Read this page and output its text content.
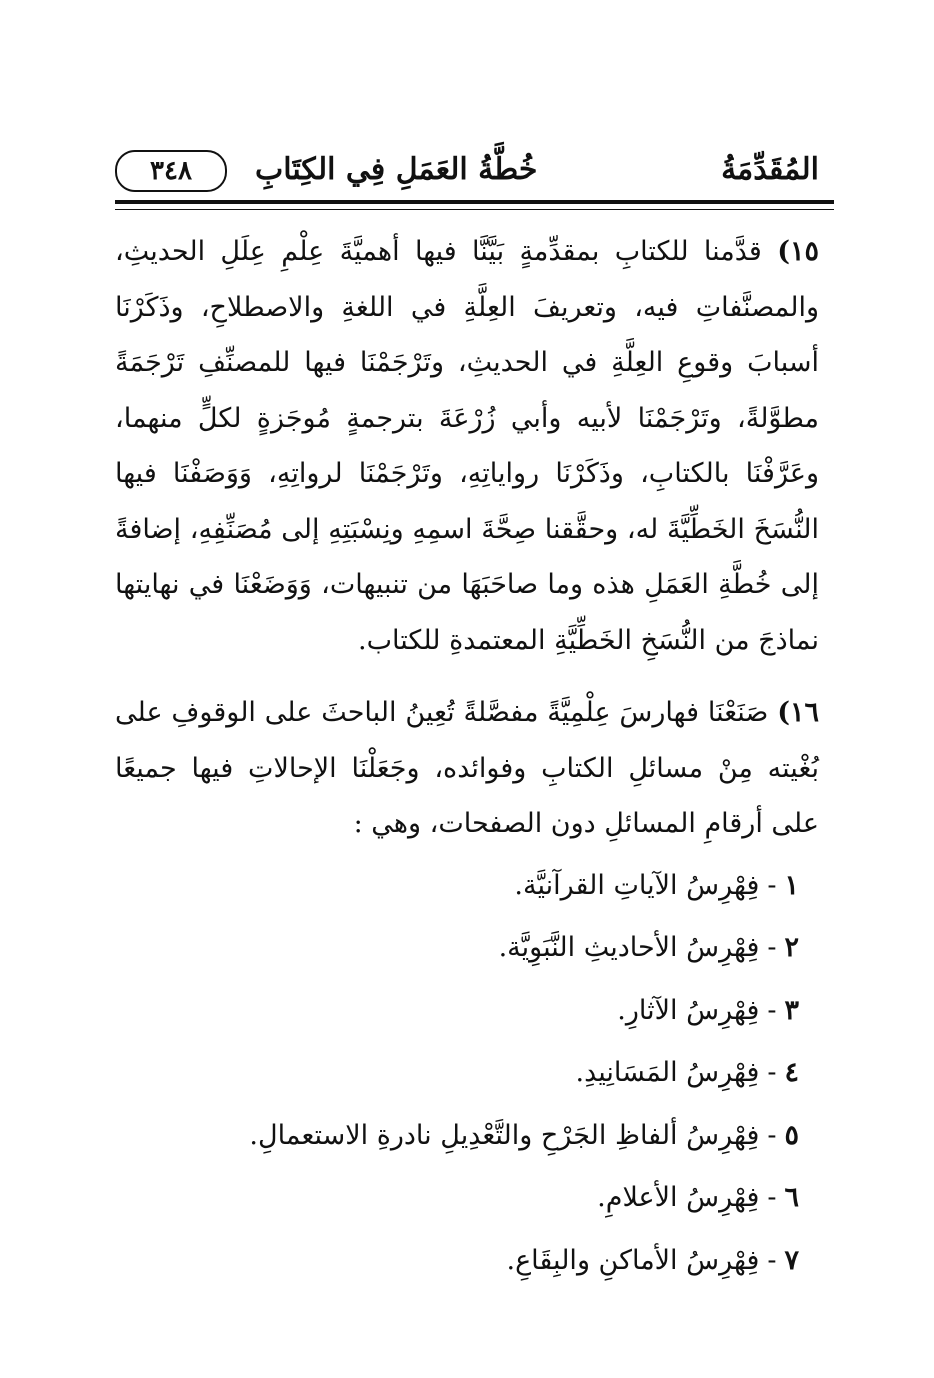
المُقَدِّمَةُ
خُطَّةُ العَمَلِ فِي الكِتَابِ
٣٤٨

١٥) قدَّمنا للكتابِ بمقدِّمةٍ بَيَّنَّا فيها أهميَّةَ عِلْمِ عِلَلِ الحديثِ، والمصنَّفاتِ فيه، وتعريفَ العِلَّةِ في اللغةِ والاصطلاحِ، وذَكَرْنَا أسبابَ وقوعِ العِلَّةِ في الحديثِ، وتَرْجَمْنَا فيها للمصنِّفِ تَرْجَمَةً مطوَّلةً، وتَرْجَمْنَا لأبيه وأبي زُرْعَةَ بترجمةٍ مُوجَزةٍ لكلٍّ منهما، وعَرَّفْنَا بالكتابِ، وذَكَرْنَا رواياتِهِ، وتَرْجَمْنَا لرواتِهِ، وَوَصَفْنَا فيها النُّسَخَ الخَطِّيَّةَ له، وحقَّقنا صِحَّةَ اسمِهِ ونِسْبَتِهِ إلى مُصَنِّفِهِ، إضافةً إلى خُطَّةِ العَمَلِ هذه وما صاحَبَهَا من تنبيهات، وَوَضَعْنَا في نهايتها نماذجَ من النُّسَخِ الخَطِّيَّةِ المعتمدةِ للكتاب.

١٦) صَنَعْنَا فهارسَ عِلْمِيَّةً مفصَّلةً تُعِينُ الباحثَ على الوقوفِ على بُغْيته مِنْ مسائلِ الكتابِ وفوائده، وجَعَلْنَا الإحالاتِ فيها جميعًا على أرقامِ المسائلِ دون الصفحات، وهي :

١-فِهْرِسُ الآياتِ القرآنيَّة.
٢-فِهْرِسُ الأحاديثِ النَّبَوِيَّة.
٣-فِهْرِسُ الآثارِ.
٤-فِهْرِسُ المَسَانِيدِ.
٥-فِهْرِسُ ألفاظِ الجَرْحِ والتَّعْدِيلِ نادرةِ الاستعمالِ.
٦-فِهْرِسُ الأعلامِ.
٧-فِهْرِسُ الأماكنِ والبِقَاعِ.
